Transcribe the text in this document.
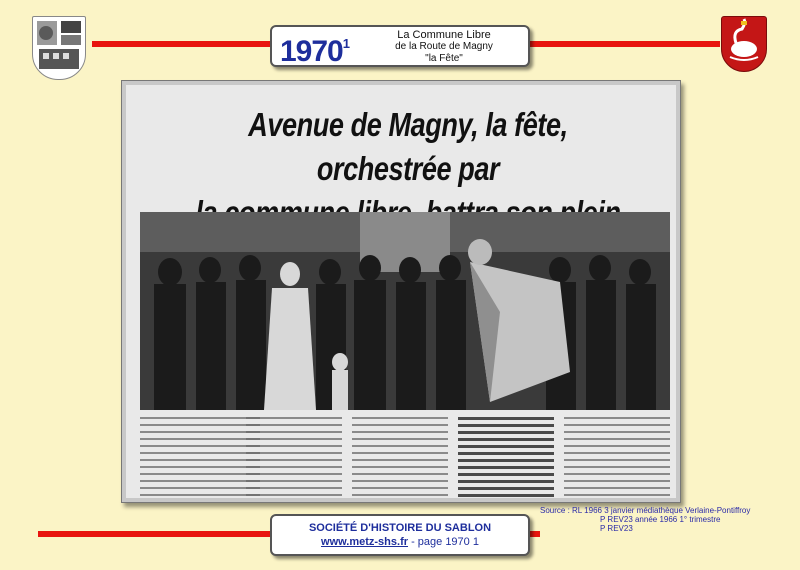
1970$^1$
La Commune Libre
de la Route de Magny
"la Fête"

Avenue de Magny, la fête, orchestrée par
Source : RL 1966 3 janvier médiathèque Verlaine-Pontiffroy
P REV23 année 1966 1° trimestre
P REV23
SOCIÉTÉ D'HISTOIRE DU SABLON
www.metz-shs.fr - page 1970 1
